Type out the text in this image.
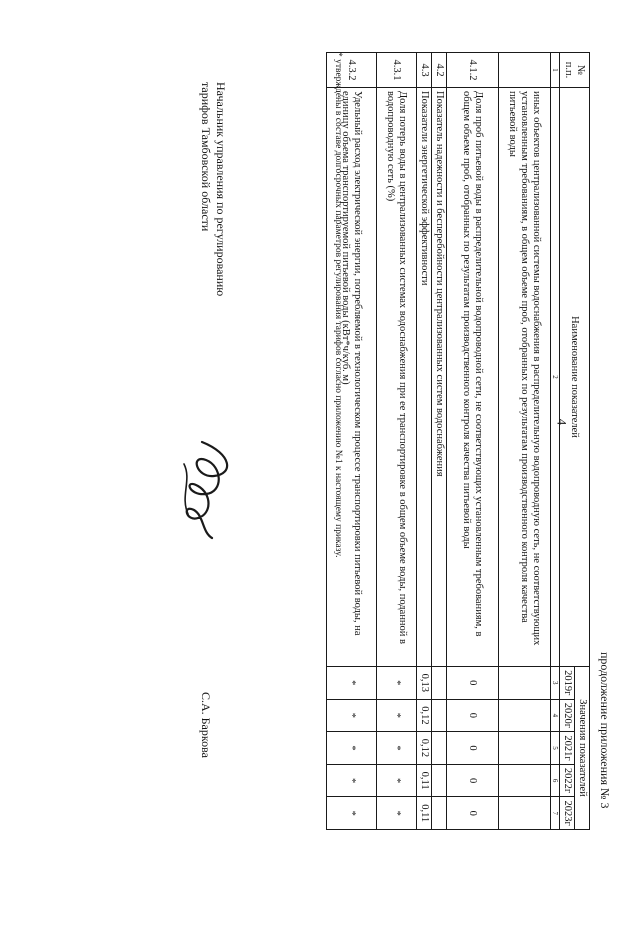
4
продолжение приложения № 3
№ п.п.	Наименование показателей	Значения показателей				
		2019г	2020г	2021г	2022г	2023г
1	2	3	4	5	6	7
	иных объектов централизованной системы водоснабжения в распределительную водопроводную сеть, не соответствующих установленным требованиям, в общем объеме проб, отобранных по результатам производственного контроля качества питьевой воды					
4.1.2	Доля проб питьевой воды в распределительной водопроводной сети, не соответствующих установленным требованиям, в общем объеме проб, отобранных по результатам производственного контроля качества питьевой воды	0	0	0	0	0
4.2	Показатель надежности и бесперебойности централизованных систем водоснабжения					
4.3	Показатели энергетической эффективности	0,13	0,12	0,12	0,11	0,11
4.3.1	Доля потерь воды в централизованных системах водоснабжения при ее транспортировке в общем объеме воды, поданной в водопроводную сеть (%)	*	*	*	*	*
4.3.2	Удельный расход электрической энергии, потребляемой в технологическом процессе транспортировки питьевой воды, на единицу объема транспортируемой питьевой воды (кВт*ч/куб. м)	*	*	*	*	*
* утверждены в составе долгосрочных параметров регулирования тарифов согласно приложению №1 к настоящему приказу.
Начальник управления по регулированию
тарифов Тамбовской области
С.А. Баркова
